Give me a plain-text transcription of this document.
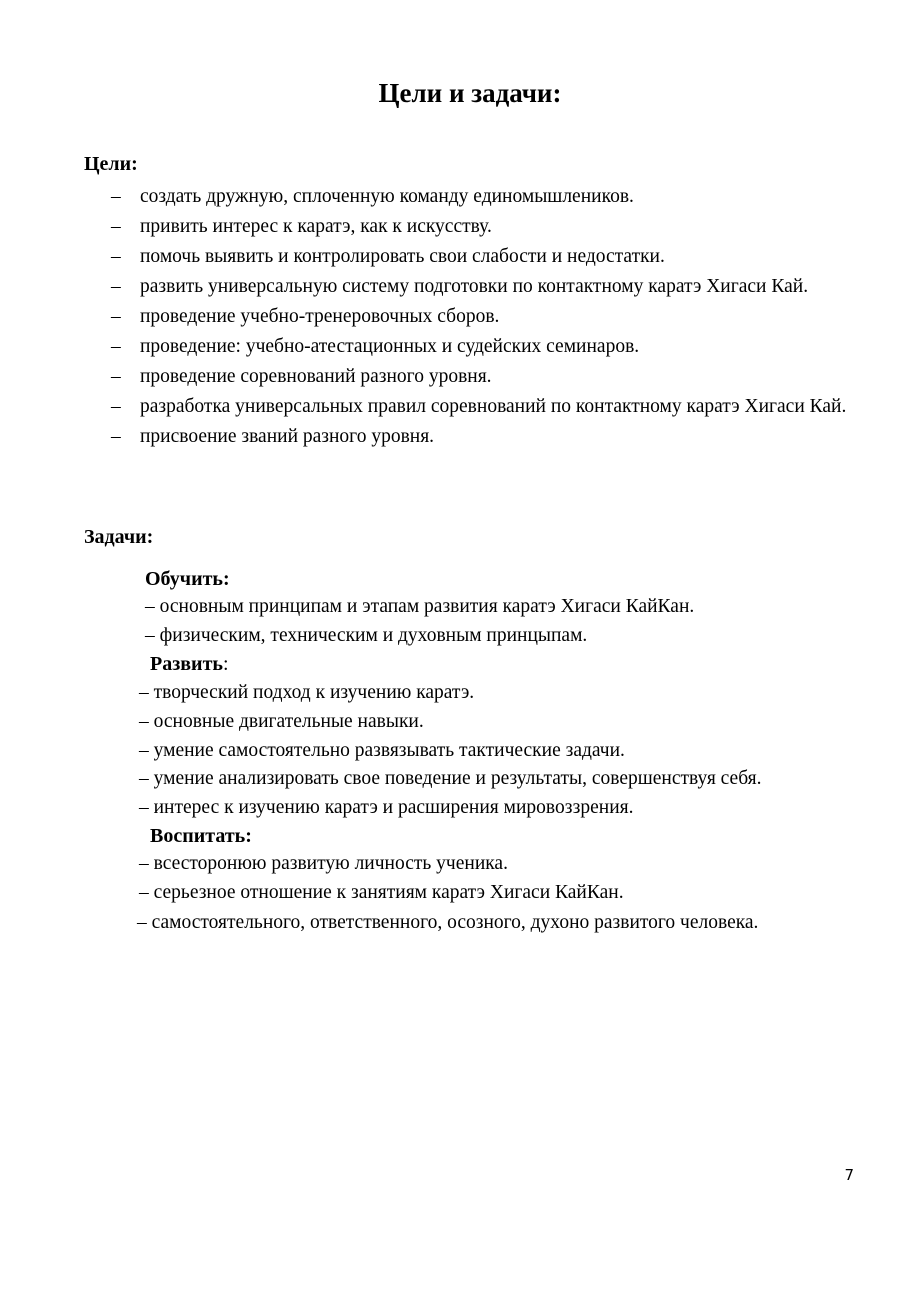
Цели и задачи:
Цели:
– создать дружную, сплоченную команду единомышлеников.
– привить интерес к каратэ, как к искусству.
– помочь выявить и контролировать свои слабости и недостатки.
– развить универсальную систему подготовки по контактному каратэ Хигаси Кай.
– проведение учебно-тренеровочных сборов.
– проведение: учебно-атестационных и судейских семинаров.
– проведение соревнований разного уровня.
– разработка универсальных правил соревнований по контактному каратэ Хигаси Кай.
– присвоение званий разного уровня.
Задачи:
Обучить:
– основным принципам и этапам развития каратэ Хигаси КайКан.
– физическим, техническим и духовным принцыпам.
Развить:
– творческий подход к изучению каратэ.
– основные двигательные навыки.
– умение самостоятельно развязывать тактические задачи.
– умение анализировать свое поведение и результаты, совершенствуя себя.
– интерес к изучению каратэ и расширения мировоззрения.
Воспитать:
– всесторонюю развитую личность ученика.
– серьезное отношение к занятиям каратэ Хигаси КайКан.
– самостоятельного, ответственного, осозного, духоно развитого человека.
7
